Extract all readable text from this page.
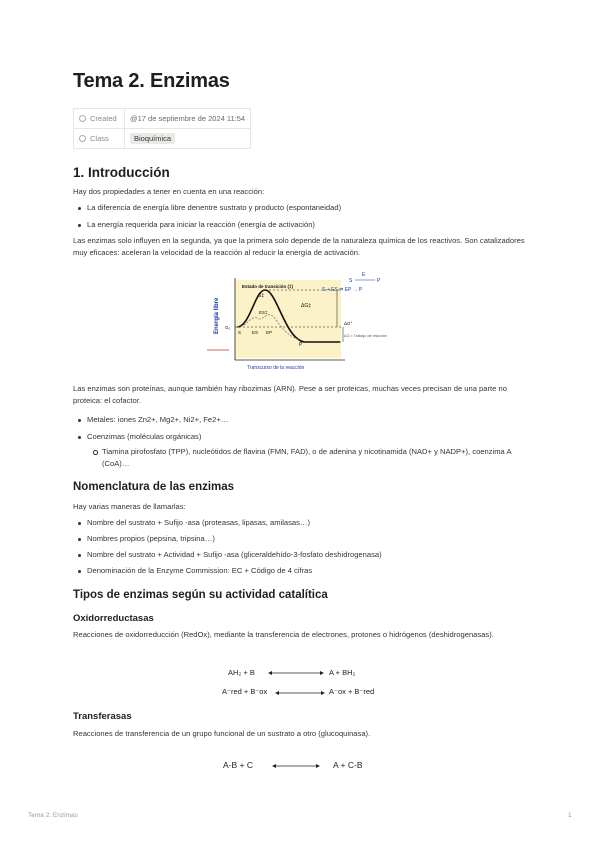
Tema 2. Enzimas
Created	@17 de septiembre de 2024 11:54
Class	Bioquímica
1. Introducción

Hay dos propiedades a tener en cuenta en una reacción:

La diferencia de energía libre denentre sustrato y producto (espontaneidad)
La energía requerida para iniciar la reacción (energía de activación)

Las enzimas solo influyen en la segunda, ya que la primera solo depende de la naturaleza química de los reactivos. Son catalizadores muy eficaces: aceleran la velocidad de la reacción al reducir la energía de activación.

Energía libre
Transcurso de la reacción
Estado de transición (‡)
S‡
ES‡
ΔG‡
G₀
S ES EP
P
ΔG°
ΔG ≈ Trabajo de reacción
E
S	P
S + ES ⇌ EP → P

Las enzimas son proteínas, aunque también hay ribozimas (ARN). Pese a ser proteicas, muchas veces precisan de una parte no proteica: el cofactor.

Metales: iones Zn2+, Mg2+, Ni2+, Fe2+…
Coenzimas (moléculas orgánicas)
Tiamina pirofosfato (TPP), nucleótidos de flavina (FMN, FAD), o de adenina y nicotinamida (NAD+ y NADP+), coenzima A (CoA)…
Nomenclatura de las enzimas

Hay varias maneras de llamarlas:

Nombre del sustrato + Sufijo -asa (proteasas, lipasas, amilasas…)
Nombres propios (pepsina, tripsina…)
Nombre del sustrato + Actividad + Sufijo -asa (gliceraldehído-3-fosfato deshidrogenasa)
Denominación de la Enzyme Commission: EC + Código de 4 cifras
Tipos de enzimas según su actividad catalítica
Oxidorreductasas

Reacciones de oxidorreducción (RedOx), mediante la transferencia de electrones, protones o hidrógenos (deshidrogenasas).

AH₂ + B	A + BH₂
A⁻red + B⁻ox	A⁻ox + B⁻red
Transferasas

Reacciones de transferencia de un grupo funcional de un sustrato a otro (glucoquinasa).

A-B + C	A + C-B
Tema 2. Enzimas	1
